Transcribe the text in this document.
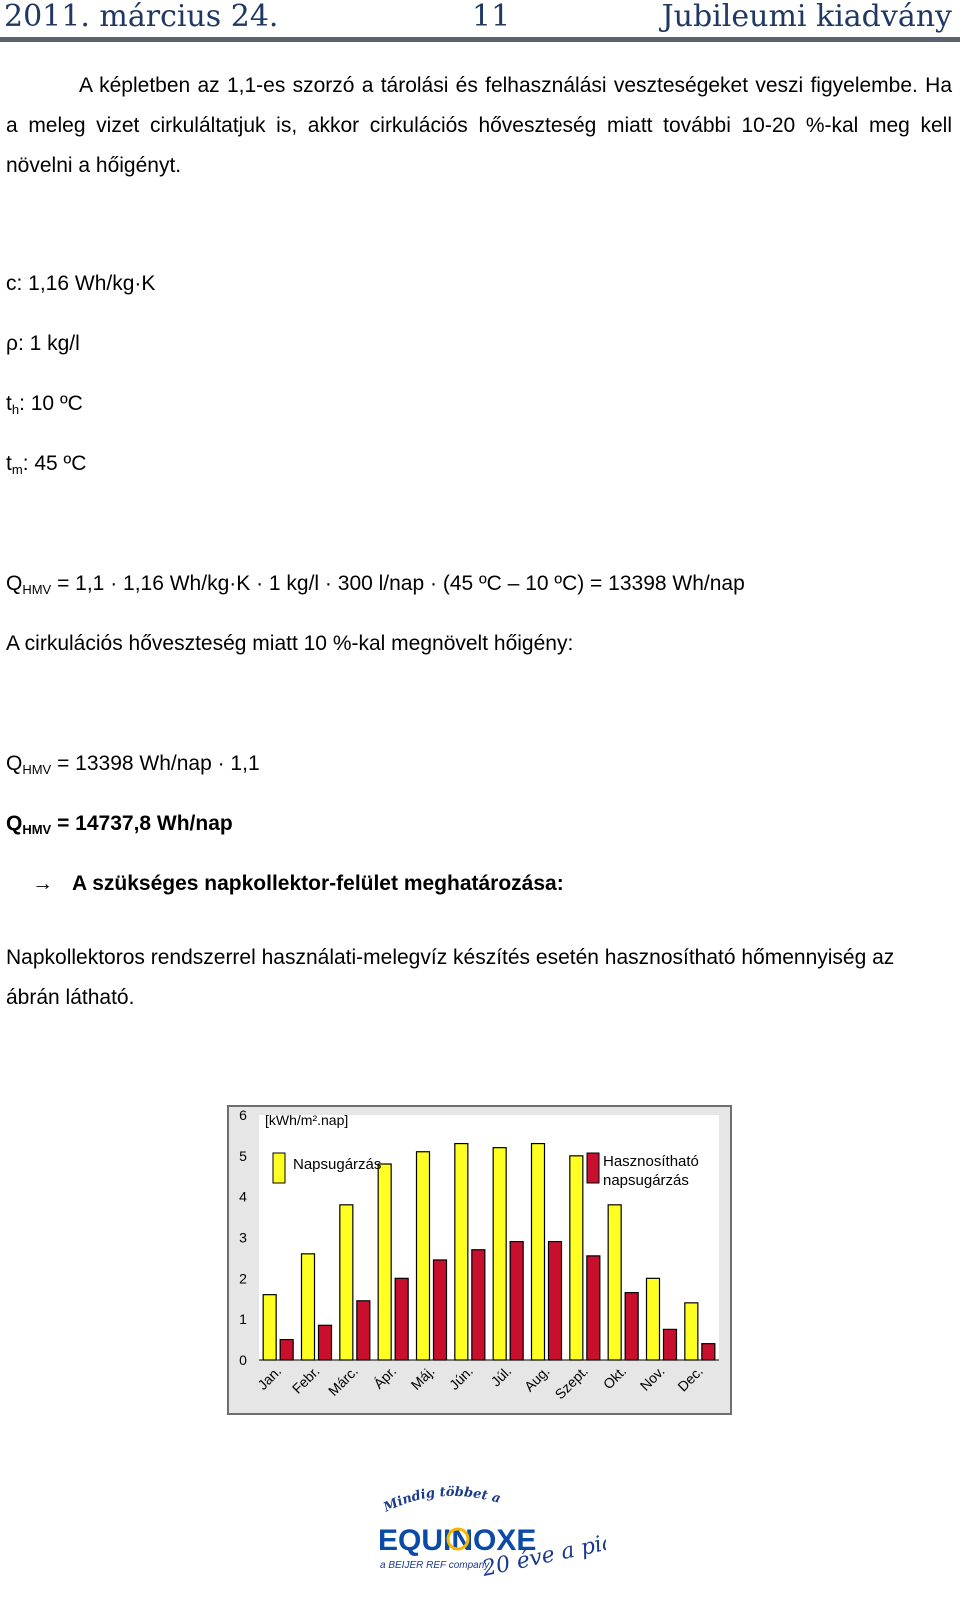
2011. március 24.	11	Jubileumi kiadvány
A képletben az 1,1-es szorzó a tárolási és felhasználási veszteségeket veszi figyelembe. Ha a meleg vizet cirkuláltatjuk is, akkor cirkulációs hőveszteség miatt további 10-20 %-kal meg kell növelni a hőigényt.
c: 1,16 Wh/kg·K
ρ: 1 kg/l
$t_h$: 10 ºC
$t_m$: 45 ºC
$Q_{HMV} = 1,1 \cdot 1,16$ Wh/kg·K · 1 kg/l · 300 l/nap · (45 ºC – 10 ºC) = 13398 Wh/nap
A cirkulációs hőveszteség miatt 10 %-kal megnövelt hőigény:
$Q_{HMV} = 13398$ Wh/nap · 1,1
$Q_{HMV} = 14737,8$ Wh/nap
→ A szükséges napkollektor-felület meghatározása:
Napkollektoros rendszerrel használati-melegvíz készítés esetén hasznosítható hőmennyiség az ábrán látható.
0
1
2
3
4
5
6 [kWh/m².nap]
Jan. Febr. Márc. Ápr. Máj. Jún. Júl. Aug.
Szept. Okt. Nov. Dec.
Napsugárzás	Hasznosítható
napsugárzás
Mindig többet a
EQUINOXE
a BEIJER REF company
20 éve a piacon
